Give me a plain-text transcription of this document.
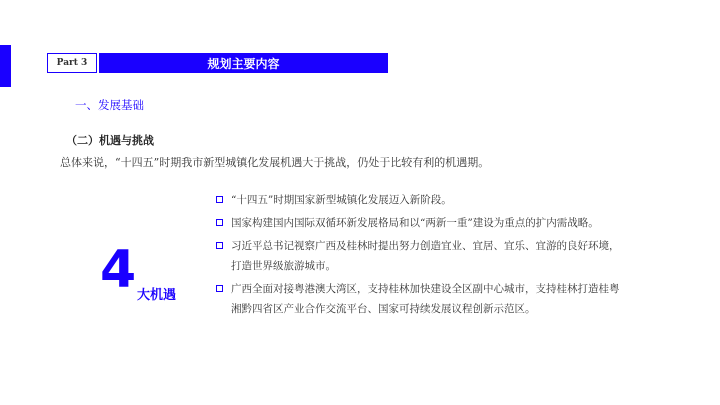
Part 3	规划主要内容
一、发展基础
（二）机遇与挑战
总体来说，“十四五”时期我市新型城镇化发展机遇大于挑战，仍处于比较有利的机遇期。
4 大机遇
“十四五”时期国家新型城镇化发展迈入新阶段。
国家构建国内国际双循环新发展格局和以“两新一重”建设为重点的扩内需战略。
习近平总书记视察广西及桂林时提出努力创造宜业、宜居、宜乐、宜游的良好环境，打造世界级旅游城市。
广西全面对接粤港澳大湾区，支持桂林加快建设全区副中心城市，支持桂林打造桂粤湘黔四省区产业合作交流平台、国家可持续发展议程创新示范区。
